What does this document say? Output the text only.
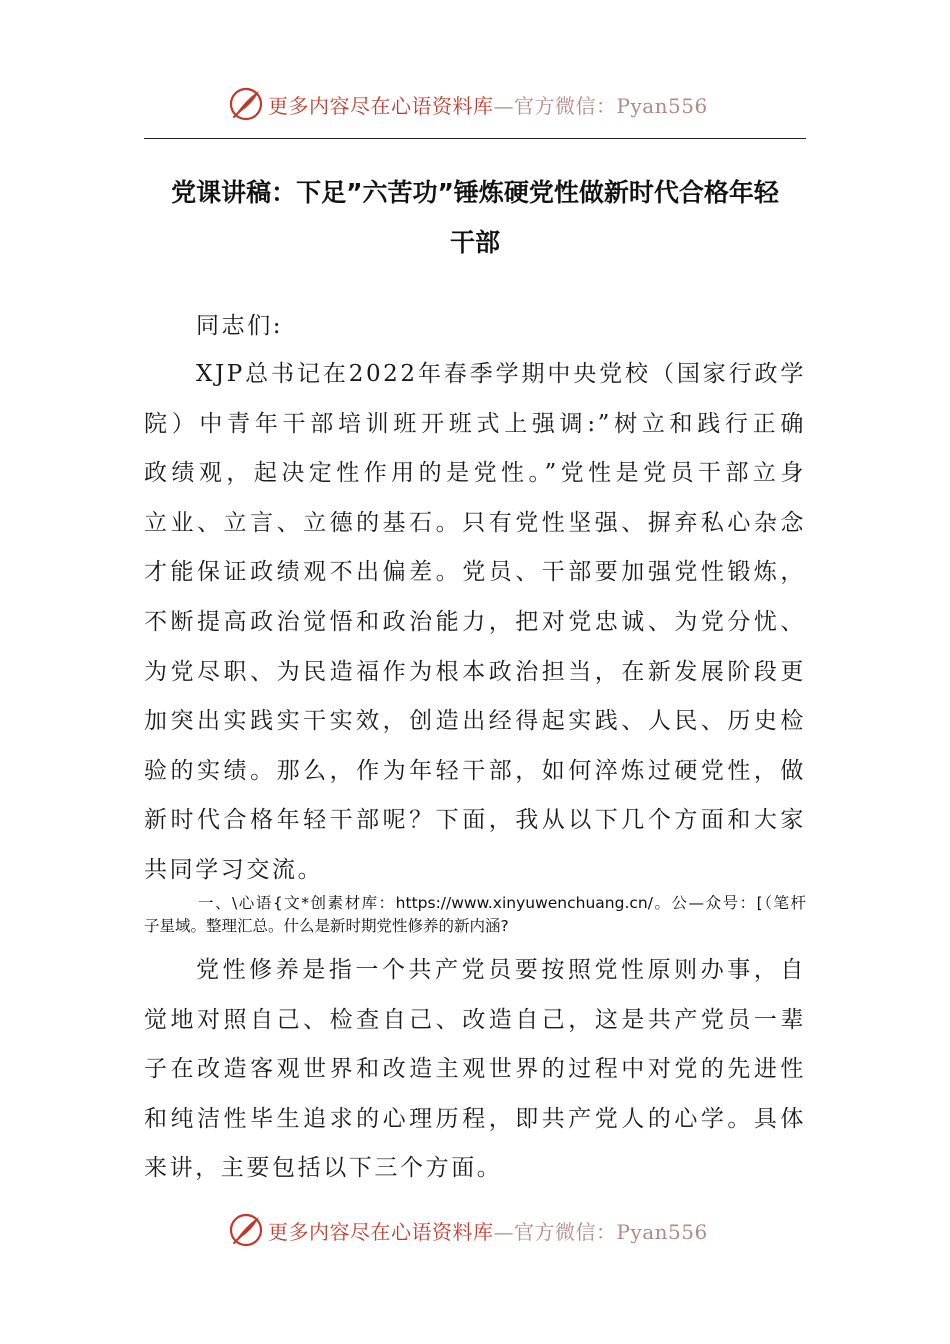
更多内容尽在心语资料库—官方微信：Pyan556
党课讲稿：下足”六苦功”锤炼硬党性做新时代合格年轻
干部

同志们:

XJP总书记在2022年春季学期中央党校（国家行政学
院）中青年干部培训班开班式上强调:”树立和践行正确
政绩观，起决定性作用的是党性。”党性是党员干部立身
立业、立言、立德的基石。只有党性坚强、摒弃私心杂念
才能保证政绩观不出偏差。党员、干部要加强党性锻炼，
不断提高政治觉悟和政治能力，把对党忠诚、为党分忧、
为党尽职、为民造福作为根本政治担当，在新发展阶段更
加突出实践实干实效，创造出经得起实践、人民、历史检
验的实绩。那么，作为年轻干部，如何淬炼过硬党性，做
新时代合格年轻干部呢？下面，我从以下几个方面和大家
共同学习交流。

一、\心语{文*创素材库：https://www.xinyuwenchuang.cn/。公—众号：[（笔杆
子星域。整理汇总。什么是新时期党性修养的新内涵?

党性修养是指一个共产党员要按照党性原则办事，自
觉地对照自己、检查自己、改造自己，这是共产党员一辈
子在改造客观世界和改造主观世界的过程中对党的先进性
和纯洁性毕生追求的心理历程，即共产党人的心学。具体
来讲，主要包括以下三个方面。

更多内容尽在心语资料库—官方微信：Pyan556
